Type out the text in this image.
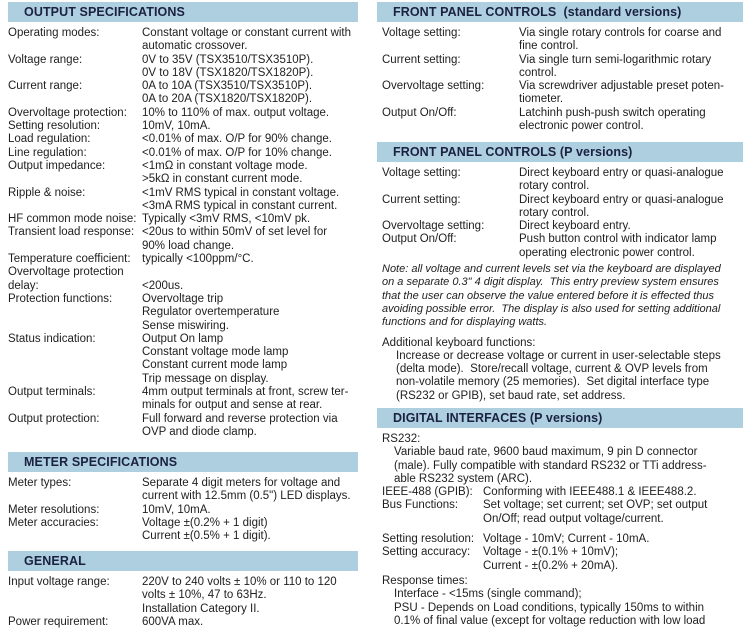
OUTPUT SPECIFICATIONS
Operating modes:	Constant voltage or constant current with
automatic crossover.
Voltage range:	0V to 35V (TSX3510/TSX3510P).
0V to 18V (TSX1820/TSX1820P).
Current range:	0A to 10A (TSX3510/TSX3510P).
0A to 20A (TSX1820/TSX1820P).
Overvoltage protection:	10% to 110% of max. output voltage.
Setting resolution:	10mV, 10mA.
Load regulation:	<0.01% of max. O/P for 90% change.
Line regulation:	<0.01% of max. O/P for 10% change.
Output impedance:	<1mΩ in constant voltage mode.
>5kΩ in constant current mode.
Ripple & noise:	<1mV RMS typical in constant voltage.
<3mA RMS typical in constant current.
HF common mode noise: Typically <3mV RMS, <10mV pk.
Transient load response: <20us to within 50mV of set level for
90% load change.
Temperature coefficient: typically <100ppm/°C.
Overvoltage protection
delay:	<200us.
Protection functions:	Overvoltage trip
Regulator overtemperature
Sense miswiring.
Status indication:	Output On lamp
Constant voltage mode lamp
Constant current mode lamp
Trip message on display.
Output terminals:	4mm output terminals at front, screw ter-
minals for output and sense at rear.
Output protection:	Full forward and reverse protection via
OVP and diode clamp.
METER SPECIFICATIONS
Meter types:	Separate 4 digit meters for voltage and
current with 12.5mm (0.5") LED displays.
Meter resolutions:	10mV, 10mA.
Meter accuracies:	Voltage ±(0.2% + 1 digit)
Current ±(0.5% + 1 digit).
GENERAL
Input voltage range:	220V to 240 volts ± 10% or 110 to 120
volts ± 10%, 47 to 63Hz.
Installation Category II.
Power requirement:	600VA max.
FRONT PANEL CONTROLS  (standard versions)
Voltage setting:	Via single rotary controls for coarse and
fine control.
Current setting:	Via single turn semi-logarithmic rotary
control.
Overvoltage setting:	Via screwdriver adjustable preset poten-
tiometer.
Output On/Off:	Latchinh push-push switch operating
electronic power control.
FRONT PANEL CONTROLS (P versions)
Voltage setting:	Direct keyboard entry or quasi-analogue
rotary control.
Current setting:	Direct keyboard entry or quasi-analogue
rotary control.
Overvoltage setting:	Direct keyboard entry.
Output On/Off:	Push button control with indicator lamp
operating electronic power control.
Note: all voltage and current levels set via the keyboard are displayed
on a separate 0.3" 4 digit display.  This entry preview system ensures
that the user can observe the value entered before it is effected thus
avoiding possible error.  The display is also used for setting additional
functions and for displaying watts.
Additional keyboard functions:
Increase or decrease voltage or current in user-selectable steps
(delta mode).  Store/recall voltage, current & OVP levels from
non-volatile memory (25 memories).  Set digital interface type
(RS232 or GPIB), set baud rate, set address.
DIGITAL INTERFACES (P versions)
RS232:
Variable baud rate, 9600 baud maximum, 9 pin D connector
(male). Fully compatible with standard RS232 or TTi address-
able RS232 system (ARC).
IEEE-488 (GPIB): Conforming with IEEE488.1 & IEEE488.2.
Bus Functions:	Set voltage; set current; set OVP; set output
On/Off; read output voltage/current.
Setting resolution: Voltage - 10mV; Current - 10mA.
Setting accuracy:	Voltage - ±(0.1% + 10mV);
Current - ±(0.2% + 20mA).
Response times:
Interface - <15ms (single command);
PSU - Depends on Load conditions, typically 150ms to within
0.1% of final value (except for voltage reduction with low load
